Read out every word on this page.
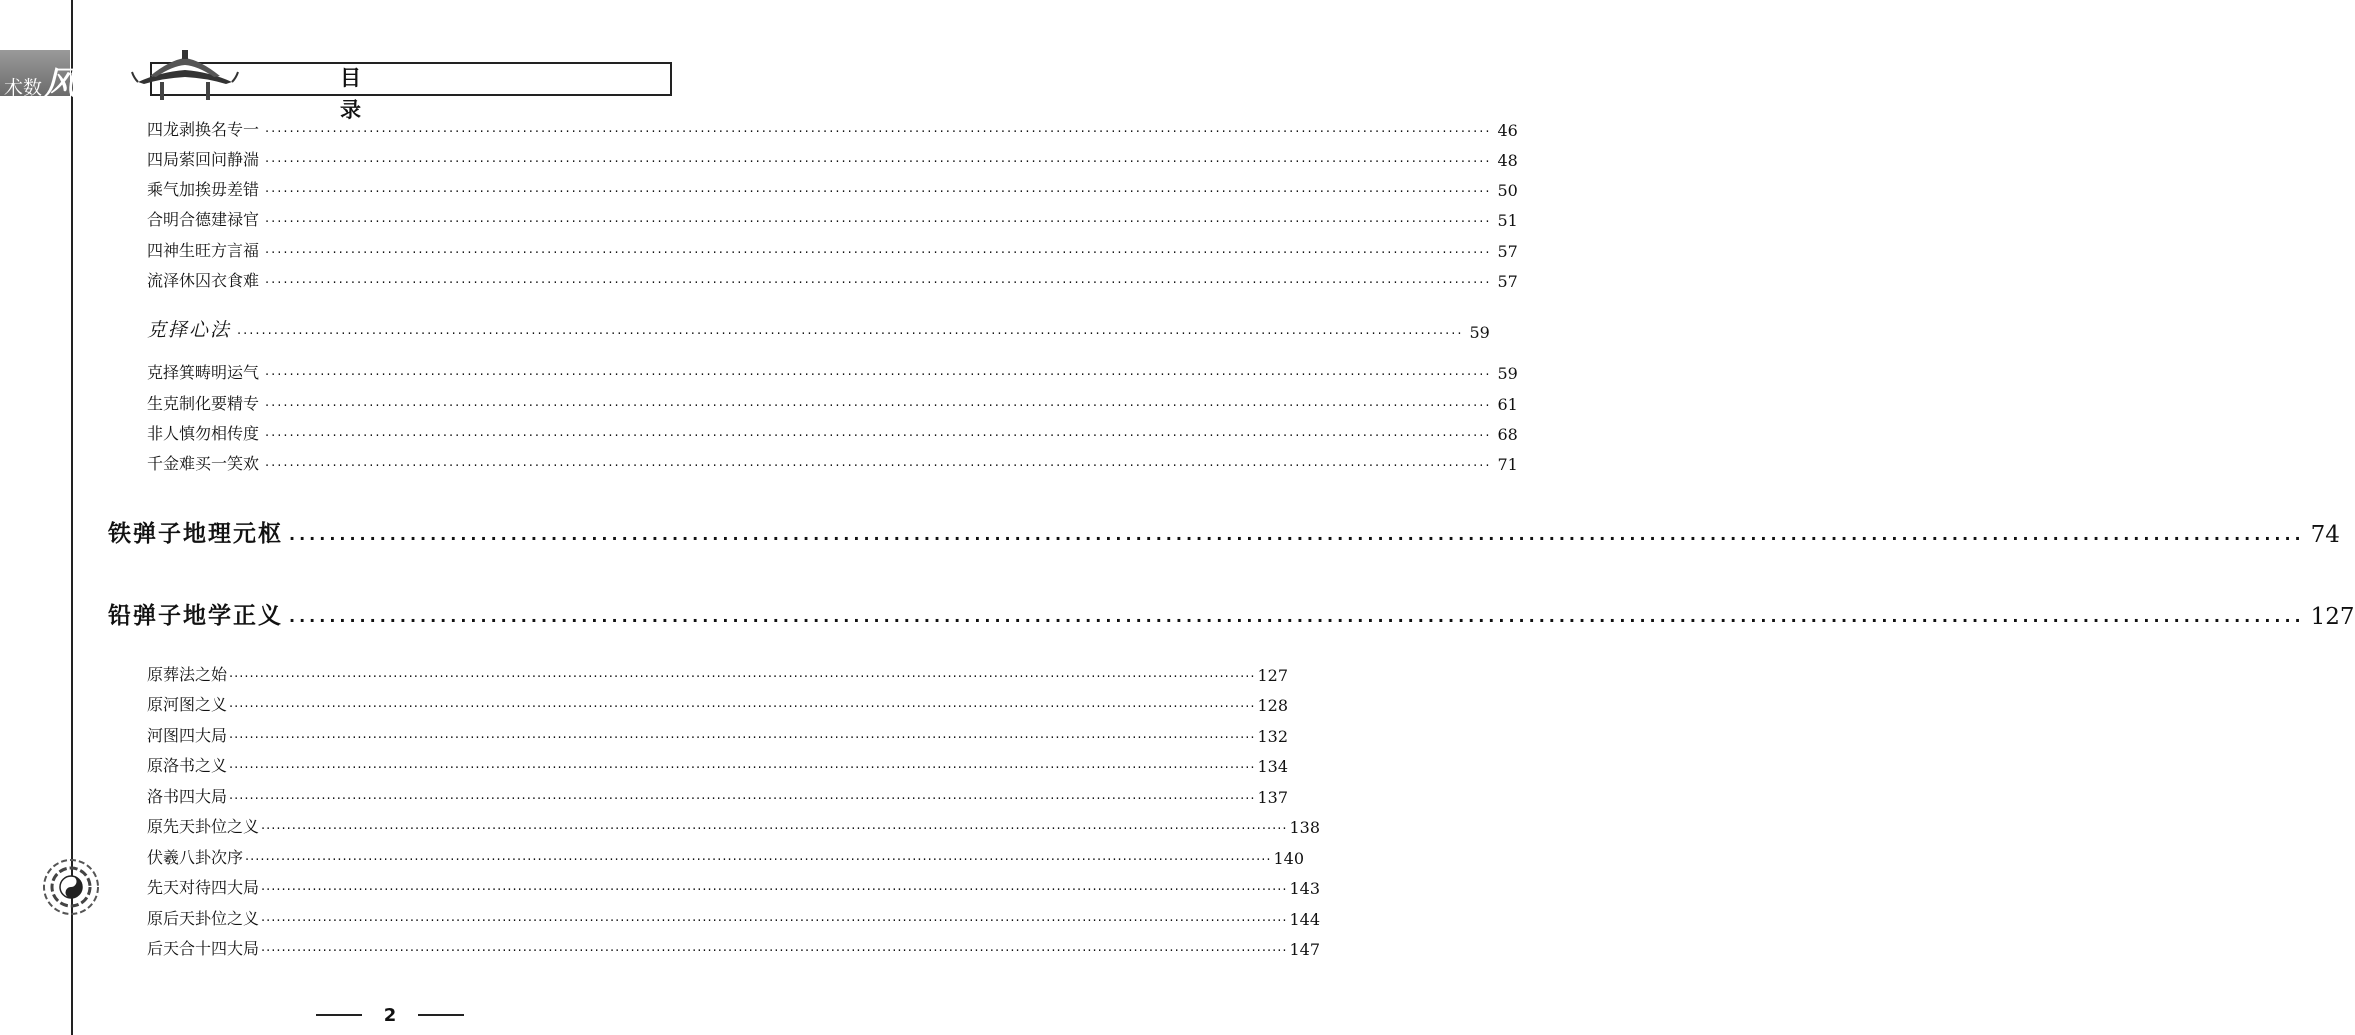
术数 风水	目录
四龙剥换名专一 ········································································································································································································ 46
四局萦回问静湍 ········································································································································································································ 48
乘气加挨毋差错 ········································································································································································································ 50
合明合德建禄官 ········································································································································································································ 51
四神生旺方言福 ········································································································································································································ 57
流泽休囚衣食难 ········································································································································································································ 57
克择心法 ········································································································································································································ 59
克择箕畴明运气 ········································································································································································································ 59
生克制化要精专 ········································································································································································································ 61
非人慎勿相传度 ········································································································································································································ 68
千金难买一笑欢 ········································································································································································································ 71
铁弹子地理元枢 ········································································································································································································ 74
铅弹子地学正义 ········································································································································································································ 127
原葬法之始 ········································································································································································································ 127
原河图之义 ········································································································································································································ 128
河图四大局 ········································································································································································································ 132
原洛书之义 ········································································································································································································ 134
洛书四大局 ········································································································································································································ 137
原先天卦位之义 ········································································································································································································ 138
伏羲八卦次序 ········································································································································································································ 140
先天对待四大局 ········································································································································································································ 143
原后天卦位之义 ········································································································································································································ 144
后天合十四大局 ········································································································································································································ 147
2
